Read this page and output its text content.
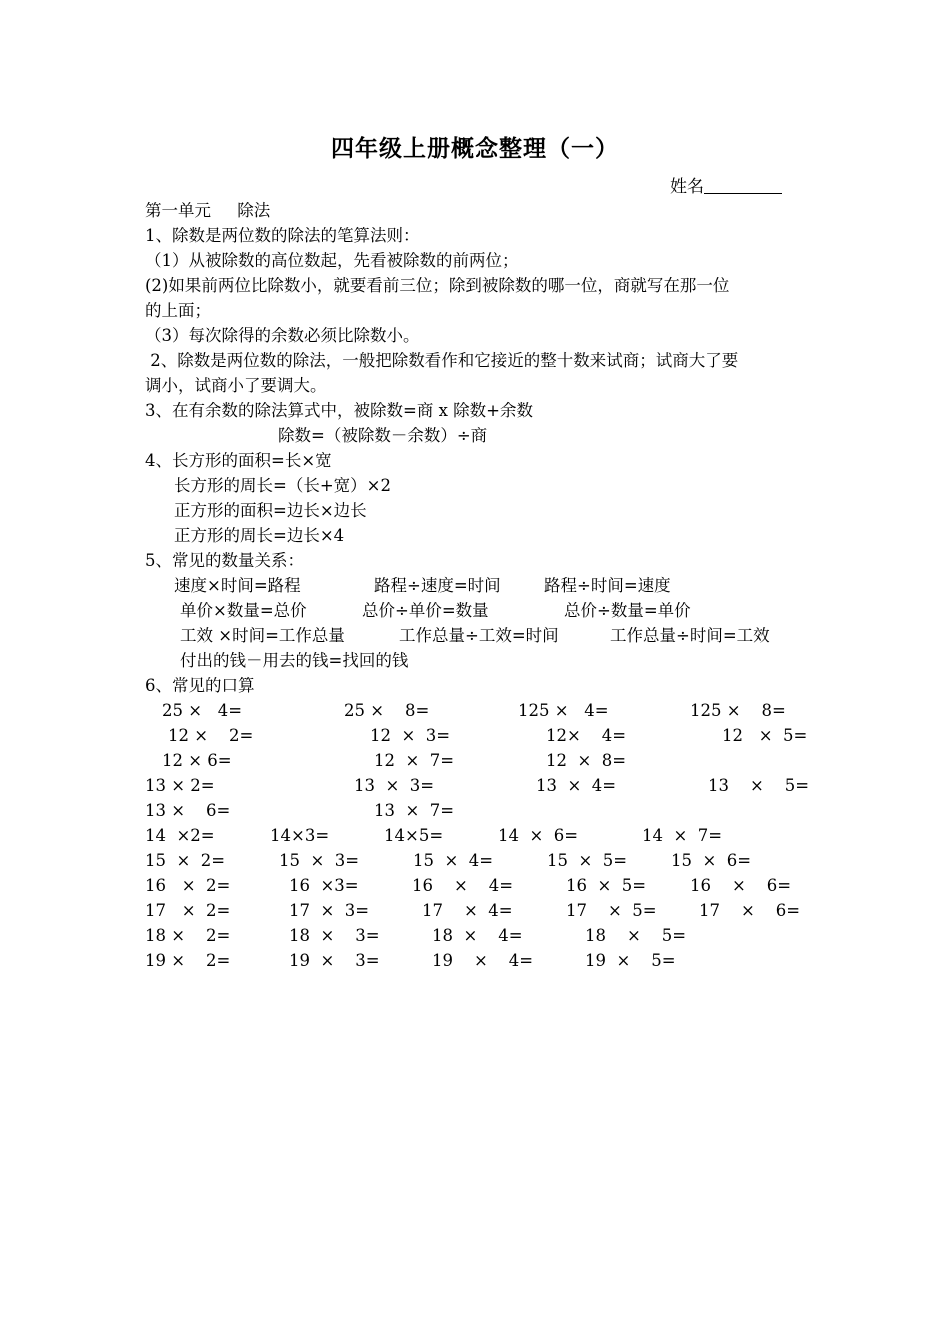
四年级上册概念整理（一）
姓名
第一单元     除法
1、除数是两位数的除法的笔算法则：
（1）从被除数的高位数起，先看被除数的前两位；
(2)如果前两位比除数小，就要看前三位；除到被除数的哪一位，商就写在那一位
的上面；
（3）每次除得的余数必须比除数小。
2、除数是两位数的除法，一般把除数看作和它接近的整十数来试商；试商大了要
调小，试商小了要调大。
3、在有余数的除法算式中，被除数=商 x 除数+余数
除数=（被除数－余数）÷商
4、长方形的面积=长×宽
长方形的周长=（长+宽）×2
正方形的面积=边长×边长
正方形的周长=边长×4
5、常见的数量关系：
速度×时间=路程	路程÷速度=时间	路程÷时间=速度
单价×数量=总价	总价÷单价=数量	总价÷数量=单价
工效 ×时间=工作总量	工作总量÷工效=时间	工作总量÷时间=工效
付出的钱－用去的钱=找回的钱
6、常见的口算
25 ×   4=	25 ×    8=	125 ×   4=	125 ×    8=
12 ×    2=	12  ×  3=	12×    4=	12   ×  5=
12 × 6=	12  ×  7=	12  ×  8=
13 × 2=	13  ×  3=	13  ×  4=	13    ×    5=
13 ×    6=	13  ×  7=
14  ×2=	14×3=	14×5=	14  ×  6=	14  ×  7=
15  ×  2=	15  ×  3=	15  ×  4=	15  ×  5=	15  ×  6=
16   ×  2=	16  ×3=	16    ×    4=	16  ×  5=	16    ×    6=
17   ×  2=	17  ×  3=	17    ×  4=	17    ×  5=	17    ×    6=
18 ×    2=	18  ×    3=	18  ×    4=	18    ×    5=
19 ×    2=	19  ×    3=	19    ×    4=	19  ×    5=
